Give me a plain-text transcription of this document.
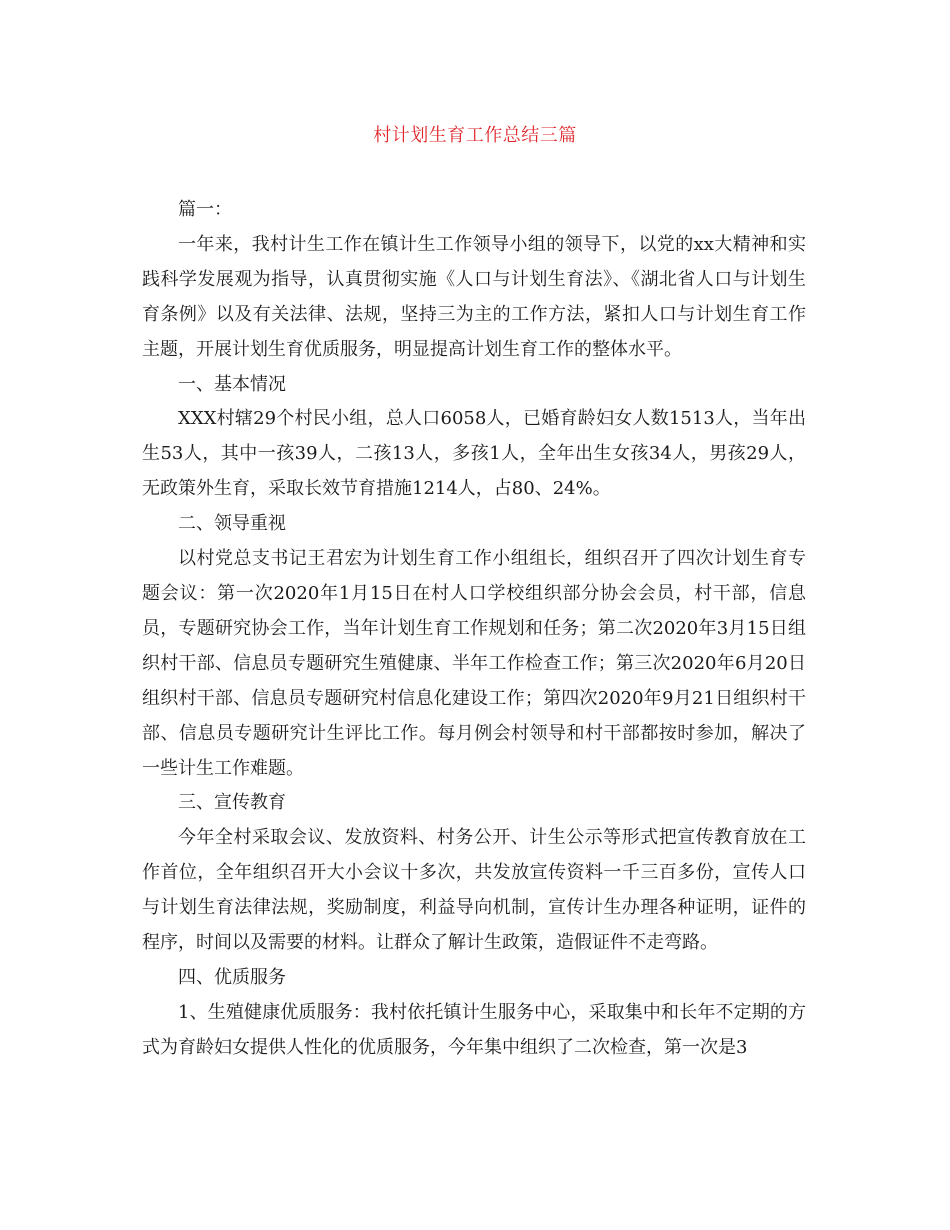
村计划生育工作总结三篇

篇一：

一年来，我村计生工作在镇计生工作领导小组的领导下，以党的xx大精神和实践科学发展观为指导，认真贯彻实施《人口与计划生育法》、《湖北省人口与计划生育条例》以及有关法律、法规，坚持三为主的工作方法，紧扣人口与计划生育工作主题，开展计划生育优质服务，明显提高计划生育工作的整体水平。

一、基本情况

XXX村辖29个村民小组，总人口6058人，已婚育龄妇女人数1513人，当年出生53人，其中一孩39人，二孩13人，多孩1人，全年出生女孩34人，男孩29人，无政策外生育，采取长效节育措施1214人，占80、24%。

二、领导重视

以村党总支书记王君宏为计划生育工作小组组长，组织召开了四次计划生育专题会议：第一次2020年1月15日在村人口学校组织部分协会会员，村干部，信息员，专题研究协会工作，当年计划生育工作规划和任务；第二次2020年3月15日组织村干部、信息员专题研究生殖健康、半年工作检查工作；第三次2020年6月20日组织村干部、信息员专题研究村信息化建设工作；第四次2020年9月21日组织村干部、信息员专题研究计生评比工作。每月例会村领导和村干部都按时参加，解决了一些计生工作难题。

三、宣传教育

今年全村采取会议、发放资料、村务公开、计生公示等形式把宣传教育放在工作首位，全年组织召开大小会议十多次，共发放宣传资料一千三百多份，宣传人口与计划生育法律法规，奖励制度，利益导向机制，宣传计生办理各种证明，证件的程序，时间以及需要的材料。让群众了解计生政策，造假证件不走弯路。

四、优质服务

1、生殖健康优质服务：我村依托镇计生服务中心，采取集中和长年不定期的方式为育龄妇女提供人性化的优质服务，今年集中组织了二次检查，第一次是3
